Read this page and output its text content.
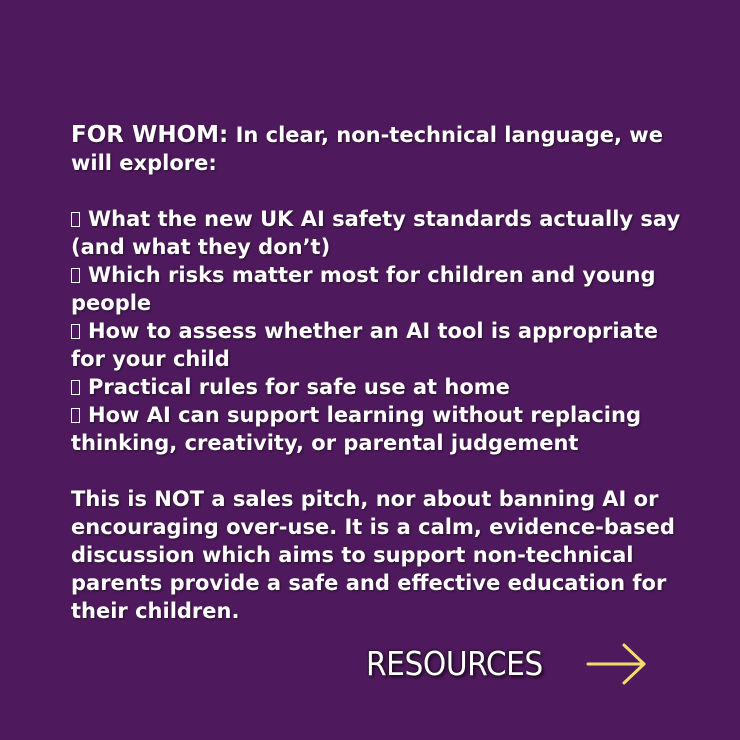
FOR WHOM: In clear, non-technical language, we will explore:
What the new UK AI safety standards actually say (and what they don’t)
Which risks matter most for children and young people
How to assess whether an AI tool is appropriate for your child
Practical rules for safe use at home
How AI can support learning without replacing thinking, creativity, or parental judgement
This is NOT a sales pitch, nor about banning AI or encouraging over-use. It is a calm, evidence-based discussion which aims to support non-technical parents provide a safe and effective education for their children.
RESOURCES
